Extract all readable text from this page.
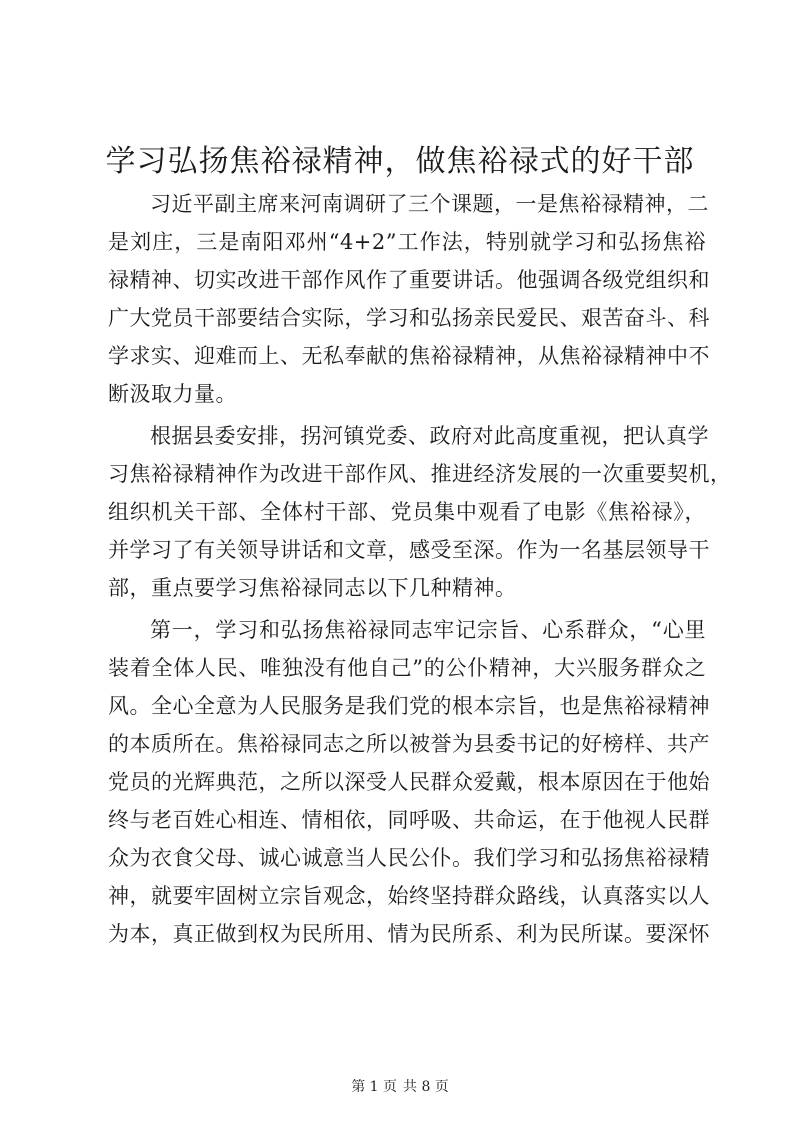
学习弘扬焦裕禄精神，做焦裕禄式的好干部
习近平副主席来河南调研了三个课题，一是焦裕禄精神，二
是刘庄，三是南阳邓州“4+2”工作法，特别就学习和弘扬焦裕
禄精神、切实改进干部作风作了重要讲话。他强调各级党组织和
广大党员干部要结合实际，学习和弘扬亲民爱民、艰苦奋斗、科
学求实、迎难而上、无私奉献的焦裕禄精神，从焦裕禄精神中不
断汲取力量。
根据县委安排，拐河镇党委、政府对此高度重视，把认真学
习焦裕禄精神作为改进干部作风、推进经济发展的一次重要契机，
组织机关干部、全体村干部、党员集中观看了电影《焦裕禄》，
并学习了有关领导讲话和文章，感受至深。作为一名基层领导干
部，重点要学习焦裕禄同志以下几种精神。
第一，学习和弘扬焦裕禄同志牢记宗旨、心系群众，“心里
装着全体人民、唯独没有他自己”的公仆精神，大兴服务群众之
风。全心全意为人民服务是我们党的根本宗旨，也是焦裕禄精神
的本质所在。焦裕禄同志之所以被誉为县委书记的好榜样、共产
党员的光辉典范，之所以深受人民群众爱戴，根本原因在于他始
终与老百姓心相连、情相依，同呼吸、共命运，在于他视人民群
众为衣食父母、诚心诚意当人民公仆。我们学习和弘扬焦裕禄精
神，就要牢固树立宗旨观念，始终坚持群众路线，认真落实以人
为本，真正做到权为民所用、情为民所系、利为民所谋。要深怀
第 1 页 共 8 页
